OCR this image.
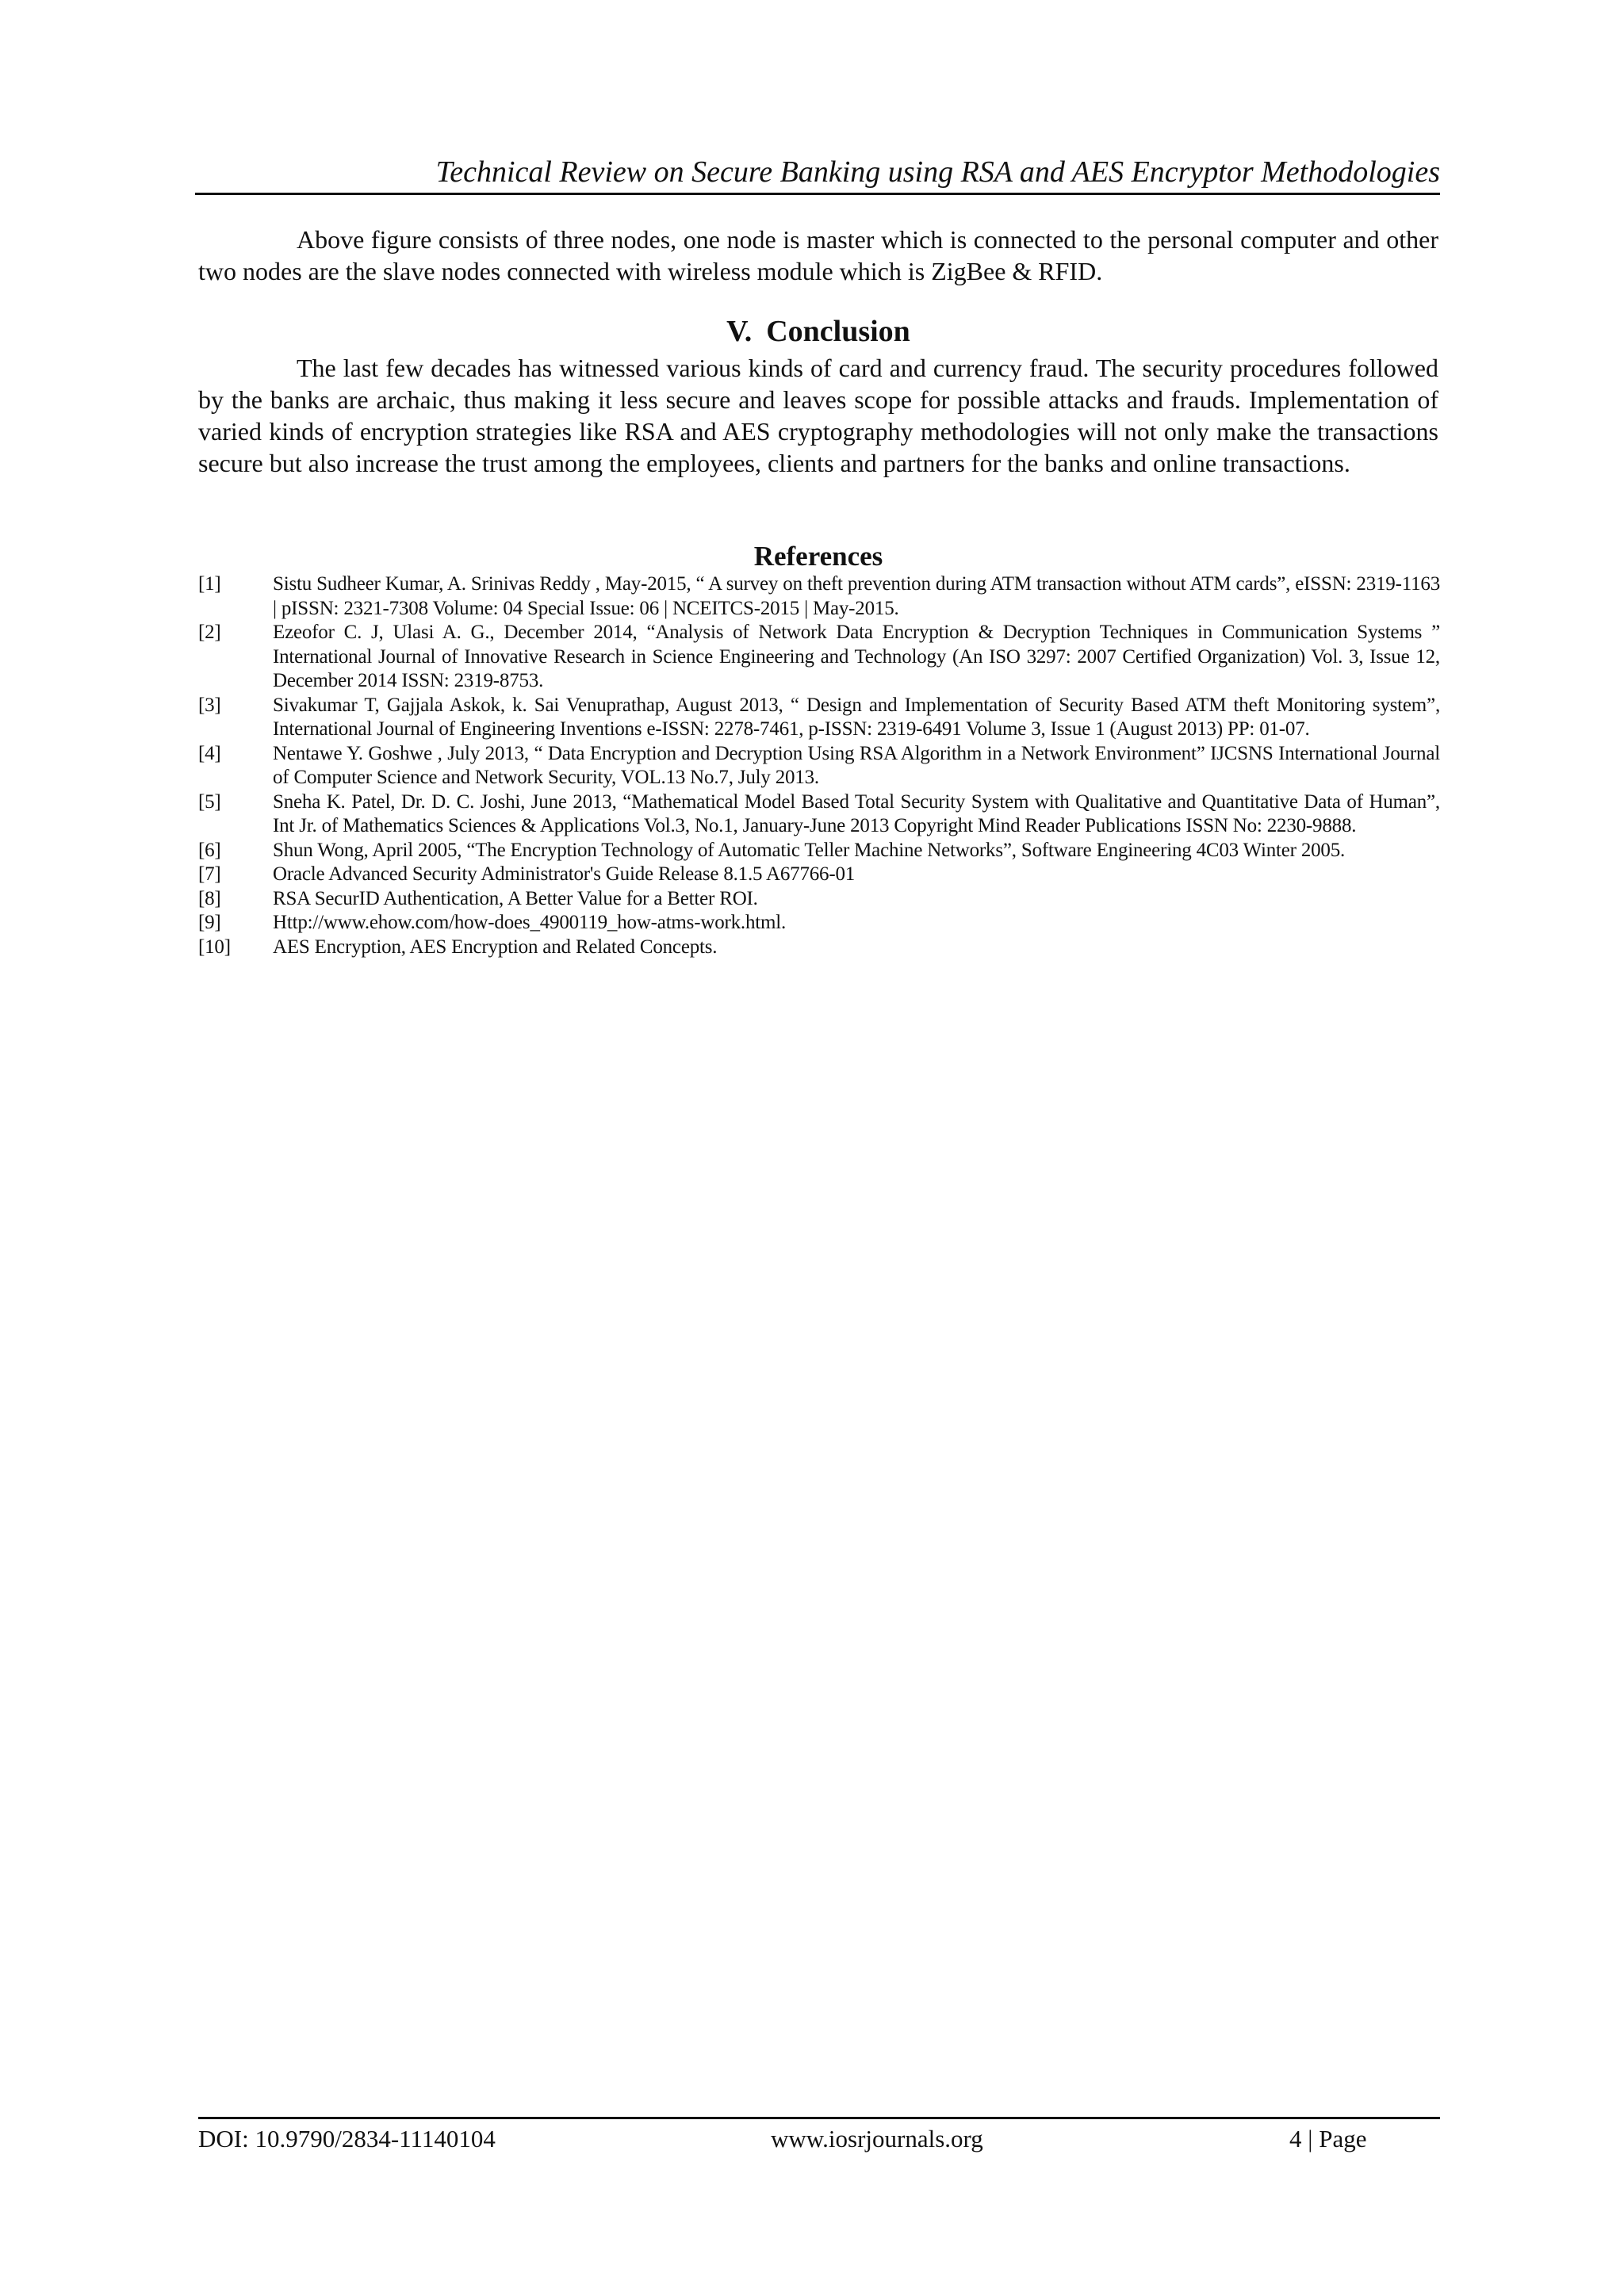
Technical Review on Secure Banking using RSA and AES Encryptor Methodologies

Above figure consists of three nodes, one node is master which is connected to the personal computer and other two nodes are the slave nodes connected with wireless module which is ZigBee & RFID.

V. Conclusion

The last few decades has witnessed various kinds of card and currency fraud. The security procedures followed by the banks are archaic, thus making it less secure and leaves scope for possible attacks and frauds. Implementation of varied kinds of encryption strategies like RSA and AES cryptography methodologies will not only make the transactions secure but also increase the trust among the employees, clients and partners for the banks and online transactions.

References
[1]	Sistu Sudheer Kumar, A. Srinivas Reddy , May-2015, “ A survey on theft prevention during ATM transaction without ATM cards”, eISSN: 2319-1163 | pISSN: 2321-7308 Volume: 04 Special Issue: 06 | NCEITCS-2015 | May-2015.
[2]	Ezeofor C. J, Ulasi A. G., December 2014, “Analysis of Network Data Encryption & Decryption Techniques in Communication Systems ” International Journal of Innovative Research in Science Engineering and Technology (An ISO 3297: 2007 Certified Organization) Vol. 3, Issue 12, December 2014 ISSN: 2319-8753.
[3]	Sivakumar T, Gajjala Askok, k. Sai Venuprathap, August 2013, “ Design and Implementation of Security Based ATM theft Monitoring system”, International Journal of Engineering Inventions e-ISSN: 2278-7461, p-ISSN: 2319-6491 Volume 3, Issue 1 (August 2013) PP: 01-07.
[4]	Nentawe Y. Goshwe , July 2013, “ Data Encryption and Decryption Using RSA Algorithm in a Network Environment” IJCSNS International Journal of Computer Science and Network Security, VOL.13 No.7, July 2013.
[5]	Sneha K. Patel, Dr. D. C. Joshi, June 2013, “Mathematical Model Based Total Security System with Qualitative and Quantitative Data of Human”, Int Jr. of Mathematics Sciences & Applications Vol.3, No.1, January-June 2013 Copyright Mind Reader Publications ISSN No: 2230-9888.
[6]	Shun Wong, April 2005, “The Encryption Technology of Automatic Teller Machine Networks”, Software Engineering 4C03 Winter 2005.
[7]	Oracle Advanced Security Administrator's Guide Release 8.1.5 A67766-01
[8]	RSA SecurID Authentication, A Better Value for a Better ROI.
[9]	Http://www.ehow.com/how-does_4900119_how-atms-work.html.
[10]	AES Encryption, AES Encryption and Related Concepts.
DOI: 10.9790/2834-11140104	www.iosrjournals.org	4 | Page
